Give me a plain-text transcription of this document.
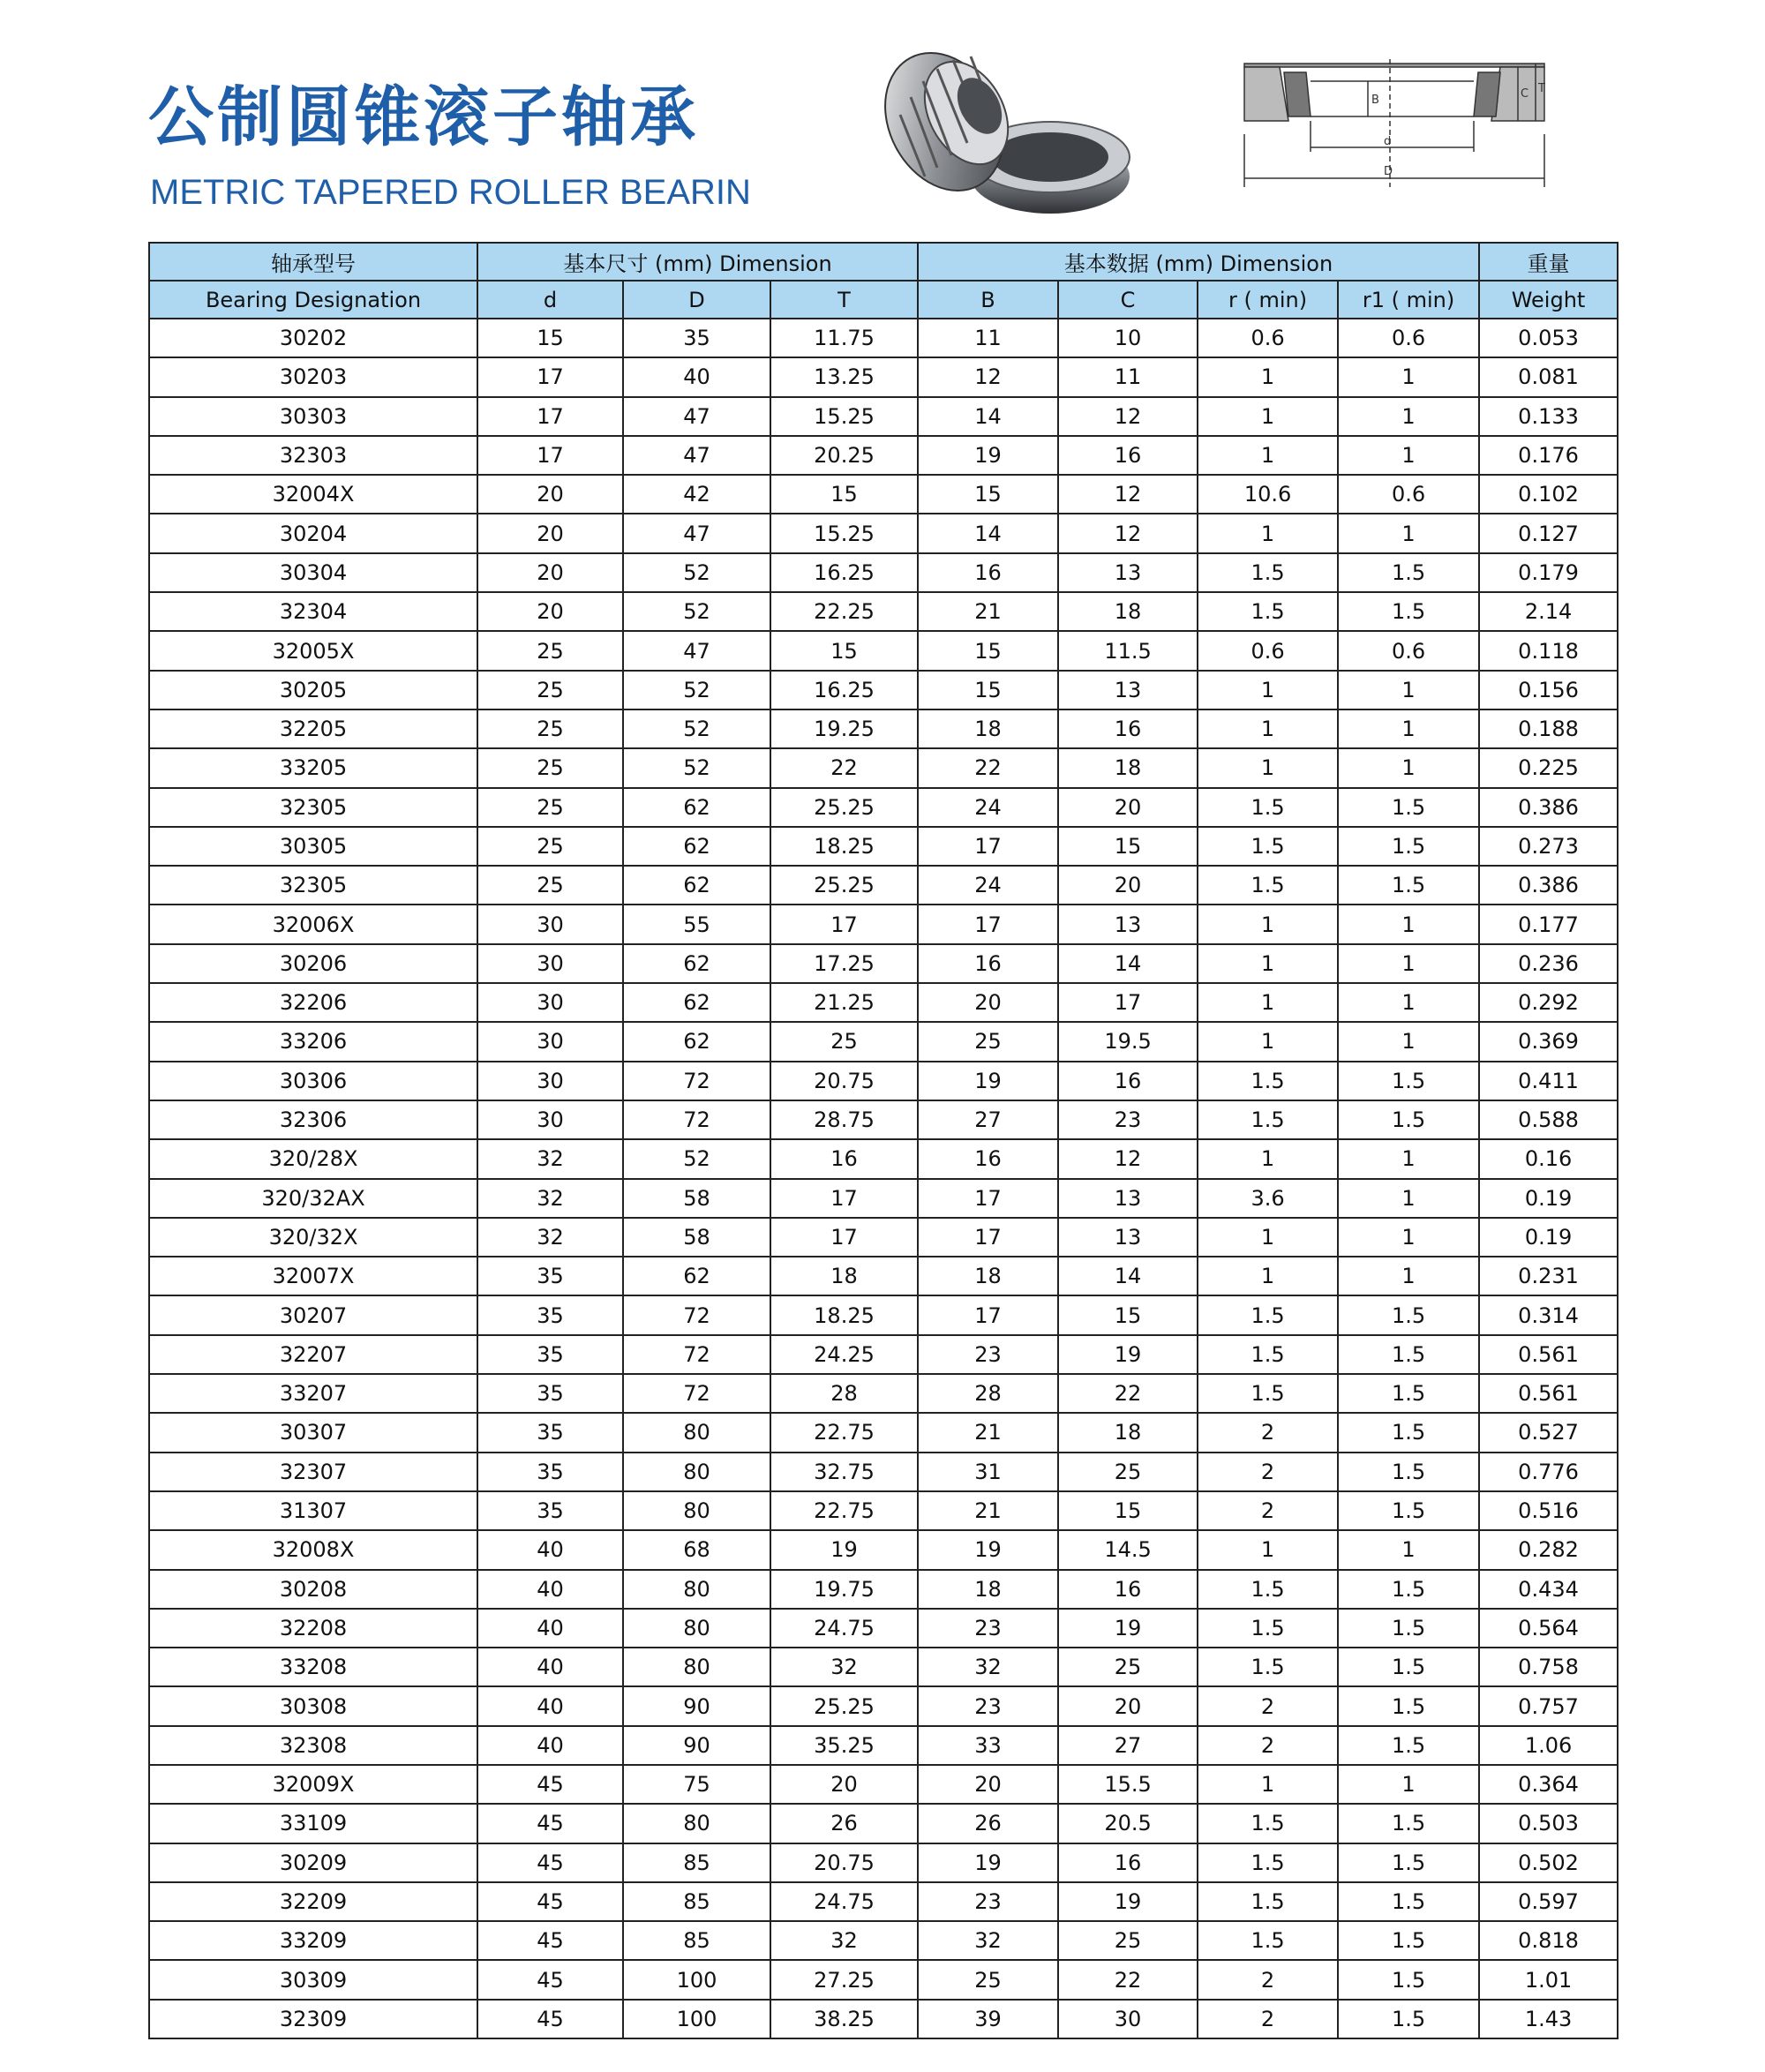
公制圆锥滚子轴承
METRIC TAPERED ROLLER BEARIN
d
D
B	C T
轴承型号	基本尺寸 (mm) Dimension			基本数据 (mm) Dimension				重量
Bearing Designation	d	D	T	B	C	r ( min)	r1 ( min)	Weight
30202	15	35	11.75	11	10	0.6	0.6	0.053
30203	17	40	13.25	12	11	1	1	0.081
30303	17	47	15.25	14	12	1	1	0.133
32303	17	47	20.25	19	16	1	1	0.176
32004X	20	42	15	15	12	10.6	0.6	0.102
30204	20	47	15.25	14	12	1	1	0.127
30304	20	52	16.25	16	13	1.5	1.5	0.179
32304	20	52	22.25	21	18	1.5	1.5	2.14
32005X	25	47	15	15	11.5	0.6	0.6	0.118
30205	25	52	16.25	15	13	1	1	0.156
32205	25	52	19.25	18	16	1	1	0.188
33205	25	52	22	22	18	1	1	0.225
32305	25	62	25.25	24	20	1.5	1.5	0.386
30305	25	62	18.25	17	15	1.5	1.5	0.273
32305	25	62	25.25	24	20	1.5	1.5	0.386
32006X	30	55	17	17	13	1	1	0.177
30206	30	62	17.25	16	14	1	1	0.236
32206	30	62	21.25	20	17	1	1	0.292
33206	30	62	25	25	19.5	1	1	0.369
30306	30	72	20.75	19	16	1.5	1.5	0.411
32306	30	72	28.75	27	23	1.5	1.5	0.588
320/28X	32	52	16	16	12	1	1	0.16
320/32AX	32	58	17	17	13	3.6	1	0.19
320/32X	32	58	17	17	13	1	1	0.19
32007X	35	62	18	18	14	1	1	0.231
30207	35	72	18.25	17	15	1.5	1.5	0.314
32207	35	72	24.25	23	19	1.5	1.5	0.561
33207	35	72	28	28	22	1.5	1.5	0.561
30307	35	80	22.75	21	18	2	1.5	0.527
32307	35	80	32.75	31	25	2	1.5	0.776
31307	35	80	22.75	21	15	2	1.5	0.516
32008X	40	68	19	19	14.5	1	1	0.282
30208	40	80	19.75	18	16	1.5	1.5	0.434
32208	40	80	24.75	23	19	1.5	1.5	0.564
33208	40	80	32	32	25	1.5	1.5	0.758
30308	40	90	25.25	23	20	2	1.5	0.757
32308	40	90	35.25	33	27	2	1.5	1.06
32009X	45	75	20	20	15.5	1	1	0.364
33109	45	80	26	26	20.5	1.5	1.5	0.503
30209	45	85	20.75	19	16	1.5	1.5	0.502
32209	45	85	24.75	23	19	1.5	1.5	0.597
33209	45	85	32	32	25	1.5	1.5	0.818
30309	45	100	27.25	25	22	2	1.5	1.01
32309	45	100	38.25	39	30	2	1.5	1.43
